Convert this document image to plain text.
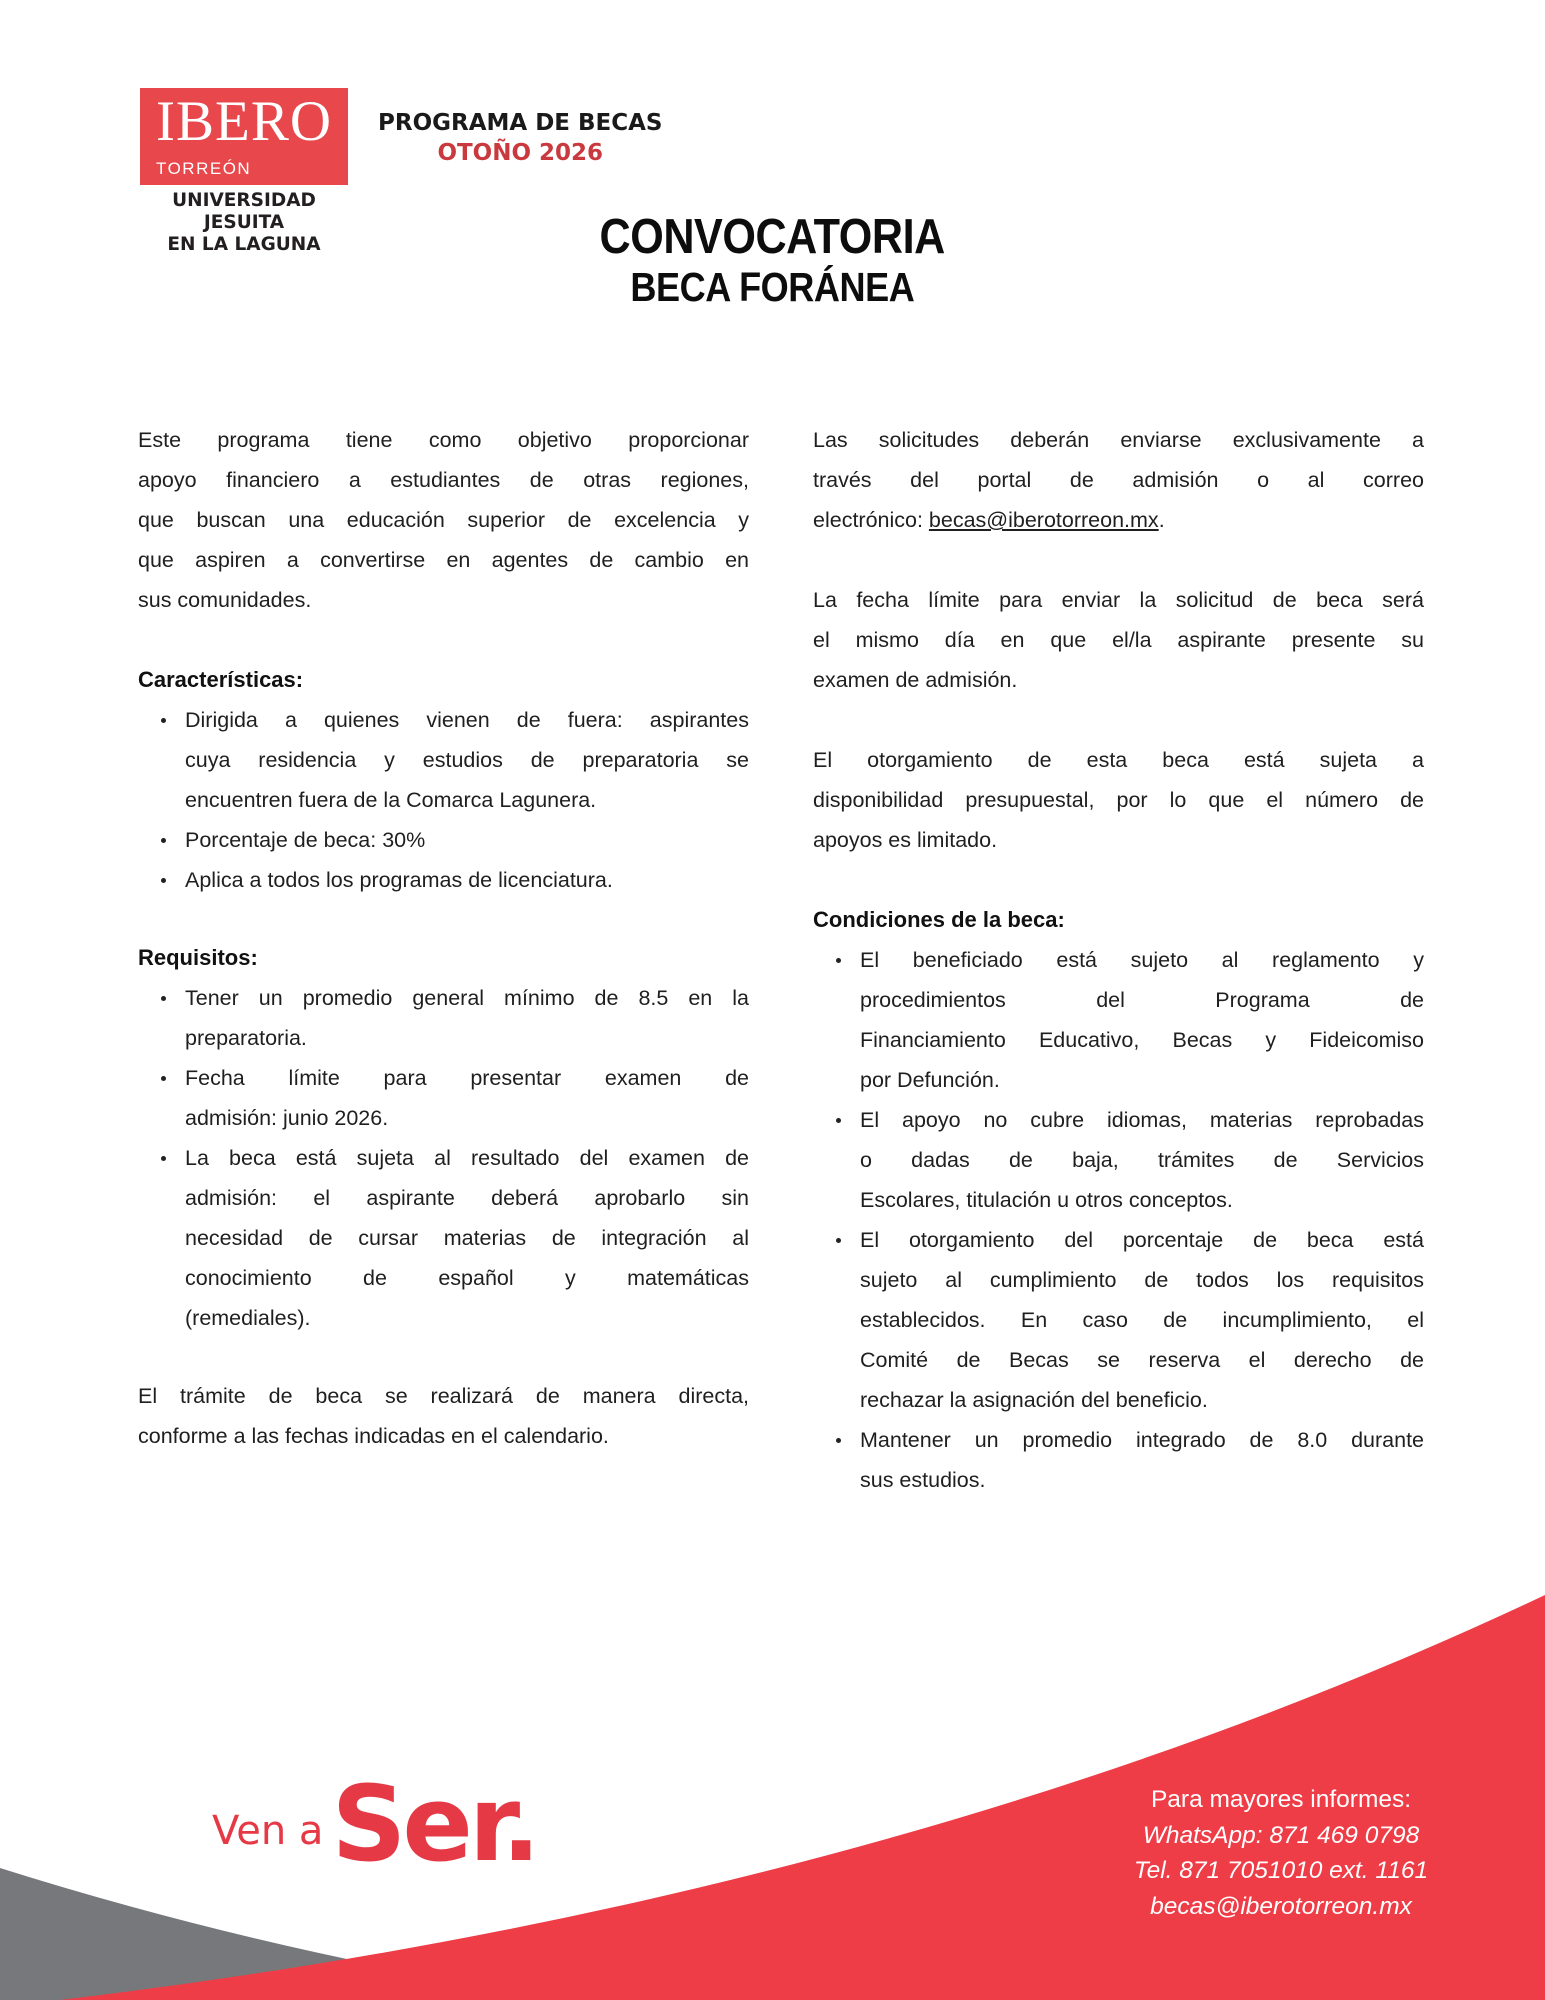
IBERO
TORREÓN
UNIVERSIDAD JESUITA
EN LA LAGUNA
PROGRAMA DE BECAS
OTOÑO 2026
CONVOCATORIA
BECA FORÁNEA
Este programa tiene como objetivo proporcionar
apoyo financiero a estudiantes de otras regiones,
que buscan una educación superior de excelencia y
que aspiren a convertirse en agentes de cambio en
sus comunidades.
Características:
Dirigida a quienes vienen de fuera: aspirantes
cuya residencia y estudios de preparatoria se
encuentren fuera de la Comarca Lagunera.
Porcentaje de beca: 30%
Aplica a todos los programas de licenciatura.
Requisitos:
Tener un promedio general mínimo de 8.5 en la
preparatoria.
Fecha límite para presentar examen de
admisión: junio 2026.
La beca está sujeta al resultado del examen de
admisión: el aspirante deberá aprobarlo sin
necesidad de cursar materias de integración al
conocimiento de español y matemáticas
(remediales).
El trámite de beca se realizará de manera directa,
conforme a las fechas indicadas en el calendario.
Las solicitudes deberán enviarse exclusivamente a
través del portal de admisión o al correo
electrónico: becas@iberotorreon.mx.
La fecha límite para enviar la solicitud de beca será
el mismo día en que el/la aspirante presente su
examen de admisión.
El otorgamiento de esta beca está sujeta a
disponibilidad presupuestal, por lo que el número de
apoyos es limitado.
Condiciones de la beca:
El beneficiado está sujeto al reglamento y
procedimientos del Programa de
Financiamiento Educativo, Becas y Fideicomiso
por Defunción.
El apoyo no cubre idiomas, materias reprobadas
o dadas de baja, trámites de Servicios
Escolares, titulación u otros conceptos.
El otorgamiento del porcentaje de beca está
sujeto al cumplimiento de todos los requisitos
establecidos. En caso de incumplimiento, el
Comité de Becas se reserva el derecho de
rechazar la asignación del beneficio.
Mantener un promedio integrado de 8.0 durante
sus estudios.
Ven a Ser.	Para mayores informes:
WhatsApp: 871 469 0798
Tel. 871 7051010 ext. 1161
becas@iberotorreon.mx
